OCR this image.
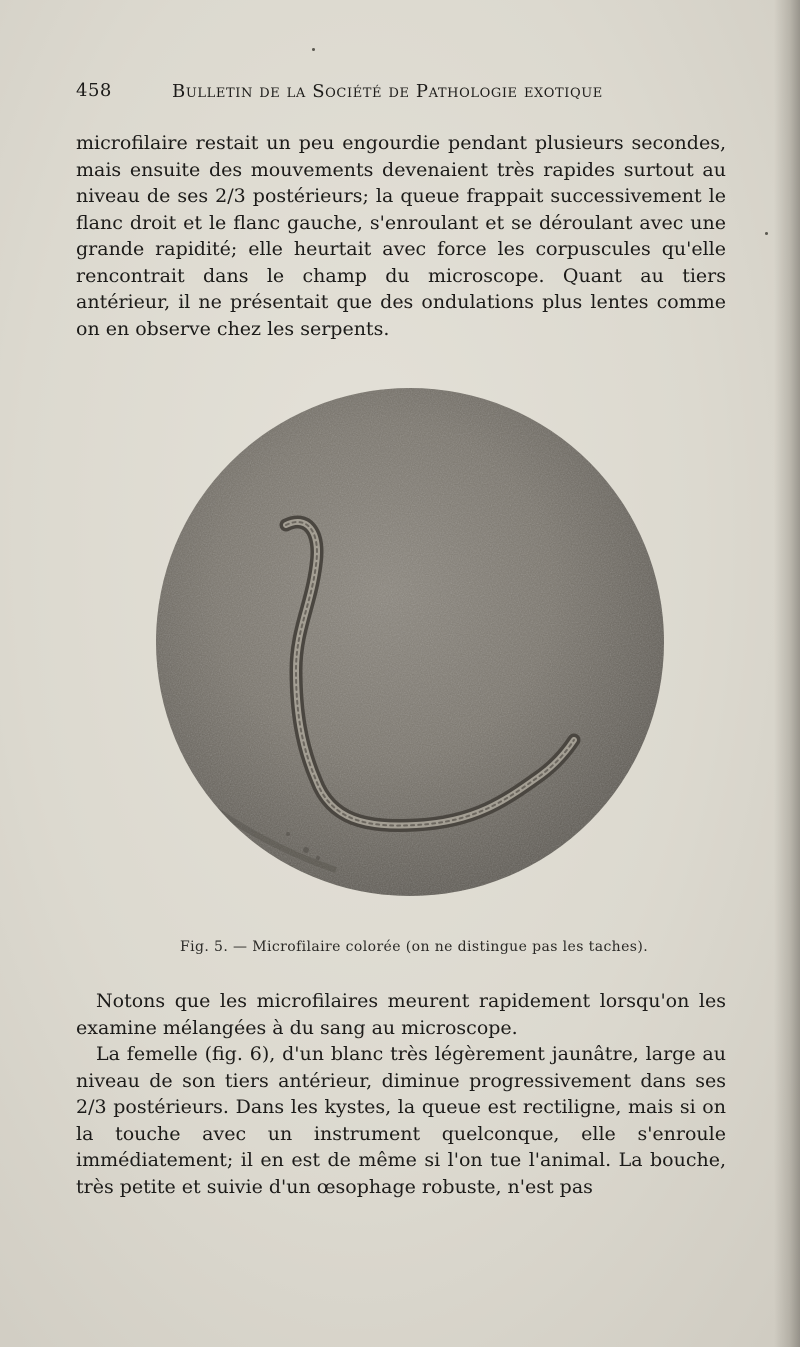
458	Bulletin de la Société de Pathologie exotique

microfilaire restait un peu engourdie pendant plusieurs secondes, mais ensuite des mouvements devenaient très rapides surtout au niveau de ses 2/3 postérieurs; la queue frappait successivement le flanc droit et le flanc gauche, s'enroulant et se déroulant avec une grande rapidité; elle heurtait avec force les corpuscules qu'elle rencontrait dans le champ du microscope. Quant au tiers antérieur, il ne présentait que des ondulations plus lentes comme on en observe chez les serpents.

Fig. 5. — Microfilaire colorée (on ne distingue pas les taches).

Notons que les microfilaires meurent rapidement lorsqu'on les examine mélangées à du sang au microscope.

La femelle (fig. 6), d'un blanc très légèrement jaunâtre, large au niveau de son tiers antérieur, diminue progressivement dans ses 2/3 postérieurs. Dans les kystes, la queue est rectiligne, mais si on la touche avec un instrument quelconque, elle s'enroule immédiatement; il en est de même si l'on tue l'animal. La bouche, très petite et suivie d'un œsophage robuste, n'est pas
